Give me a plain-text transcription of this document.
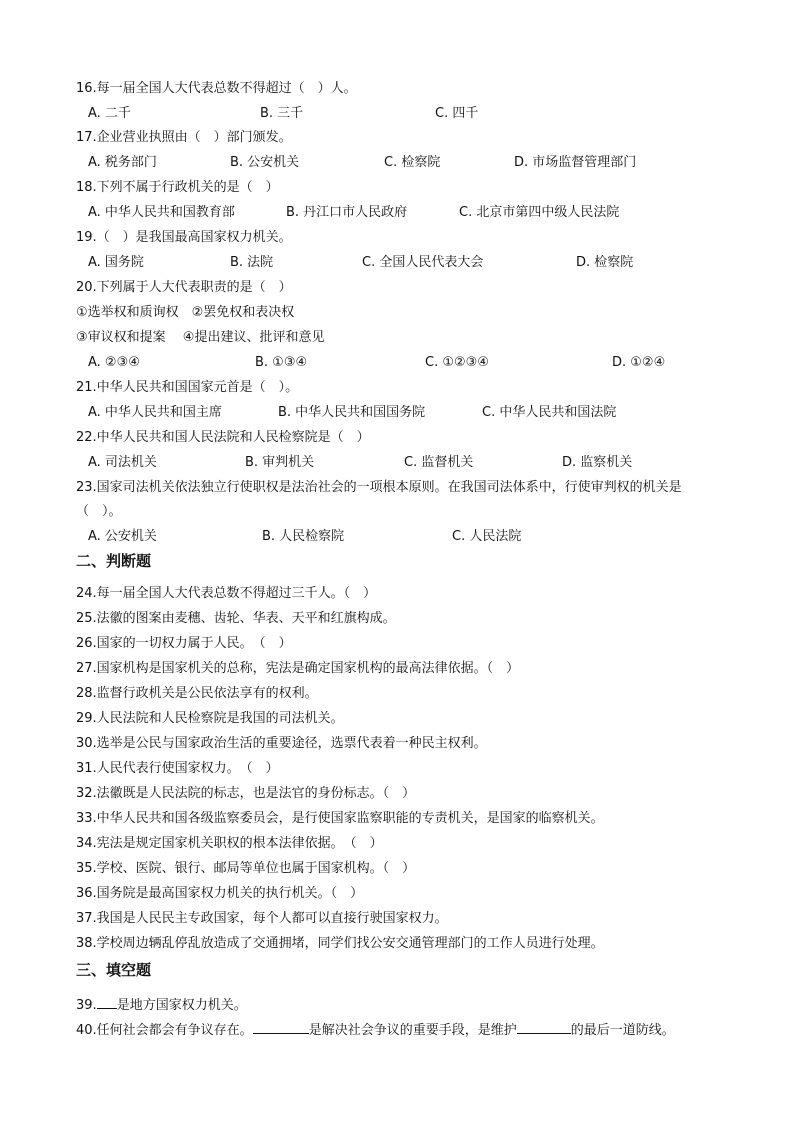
16.每一届全国人大代表总数不得超过（　）人。
A. 二千	B. 三千	C. 四千
17.企业营业执照由（　）部门颁发。
A. 税务部门	B. 公安机关	C. 检察院	D. 市场监督管理部门
18.下列不属于行政机关的是（　）
A. 中华人民共和国教育部	B. 丹江口市人民政府	C. 北京市第四中级人民法院
19.（　）是我国最高国家权力机关。
A. 国务院	B. 法院	C. 全国人民代表大会	D. 检察院
20.下列属于人大代表职责的是（　）
①选举权和质询权　②罢免权和表决权
③审议权和提案　 ④提出建议、批评和意见
A. ②③④	B. ①③④	C. ①②③④	D. ①②④
21.中华人民共和国国家元首是（　）。
A. 中华人民共和国主席	B. 中华人民共和国国务院	C. 中华人民共和国法院
22.中华人民共和国人民法院和人民检察院是（　）
A. 司法机关	B. 审判机关	C. 监督机关	D. 监察机关
23.国家司法机关依法独立行使职权是法治社会的一项根本原则。在我国司法体系中，行使审判权的机关是
（　）。
A. 公安机关	B. 人民检察院	C. 人民法院
二、判断题
24.每一届全国人大代表总数不得超过三千人。（　）
25.法徽的图案由麦穗、齿轮、华表、天平和红旗构成。
26.国家的一切权力属于人民。　（　）
27.国家机构是国家机关的总称，宪法是确定国家机构的最高法律依据。（　）
28.监督行政机关是公民依法享有的权利。
29.人民法院和人民检察院是我国的司法机关。
30.选举是公民与国家政治生活的重要途径，选票代表着一种民主权利。
31.人民代表行使国家权力。　（　）
32.法徽既是人民法院的标志，也是法官的身份标志。（　）
33.中华人民共和国各级监察委员会，是行使国家监察职能的专责机关，是国家的临察机关。
34.宪法是规定国家机关职权的根本法律依据。　（　）
35.学校、医院、银行、邮局等单位也属于国家机构。（　）
36.国务院是最高国家权力机关的执行机关。（　）
37.我国是人民民主专政国家，每个人都可以直接行驶国家权力。
38.学校周边辆乱停乱放造成了交通拥堵，同学们找公安交通管理部门的工作人员进行处理。
三、填空题
39. 是地方国家权力机关。
40.任何社会都会有争议存在。	是解决社会争议的重要手段，是维护	的最后一道防线。
